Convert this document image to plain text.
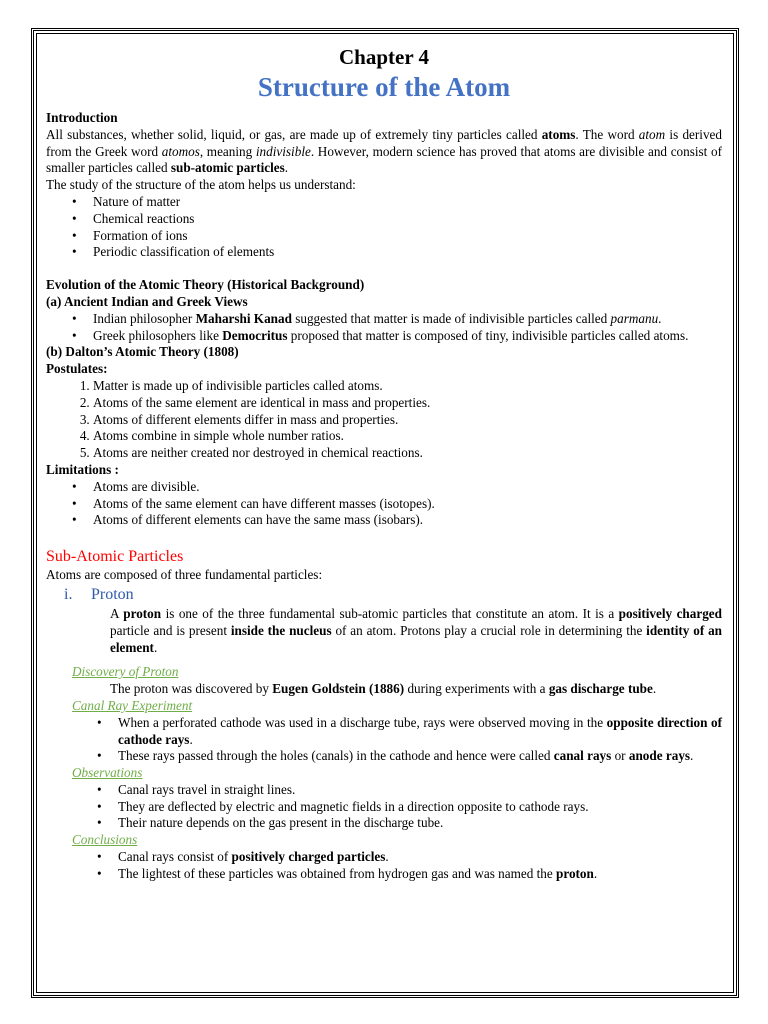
Chapter 4
Structure of the Atom

Introduction

All substances, whether solid, liquid, or gas, are made up of extremely tiny particles called atoms. The word atom is derived from the Greek word atomos, meaning indivisible. However, modern science has proved that atoms are divisible and consist of smaller particles called sub-atomic particles.

The study of the structure of the atom helps us understand:

• Nature of matter
• Chemical reactions
• Formation of ions
• Periodic classification of elements

Evolution of the Atomic Theory (Historical Background)

(a) Ancient Indian and Greek Views

• Indian philosopher Maharshi Kanad suggested that matter is made of indivisible particles called parmanu.
• Greek philosophers like Democritus proposed that matter is composed of tiny, indivisible particles called atoms.

(b) Dalton’s Atomic Theory (1808)

Postulates:

1. Matter is made up of indivisible particles called atoms.
2. Atoms of the same element are identical in mass and properties.
3. Atoms of different elements differ in mass and properties.
4. Atoms combine in simple whole number ratios.
5. Atoms are neither created nor destroyed in chemical reactions.

Limitations :

• Atoms are divisible.
• Atoms of the same element can have different masses (isotopes).
• Atoms of different elements can have the same mass (isobars).

Sub-Atomic Particles

Atoms are composed of three fundamental particles:

i.	Proton

A proton is one of the three fundamental sub-atomic particles that constitute an atom. It is a positively charged particle and is present inside the nucleus of an atom. Protons play a crucial role in determining the identity of an element.

Discovery of Proton

The proton was discovered by Eugen Goldstein (1886) during experiments with a gas discharge tube.

Canal Ray Experiment

• When a perforated cathode was used in a discharge tube, rays were observed moving in the opposite direction of cathode rays.
• These rays passed through the holes (canals) in the cathode and hence were called canal rays or anode rays.

Observations

• Canal rays travel in straight lines.
• They are deflected by electric and magnetic fields in a direction opposite to cathode rays.
• Their nature depends on the gas present in the discharge tube.

Conclusions

• Canal rays consist of positively charged particles.
• The lightest of these particles was obtained from hydrogen gas and was named the proton.
